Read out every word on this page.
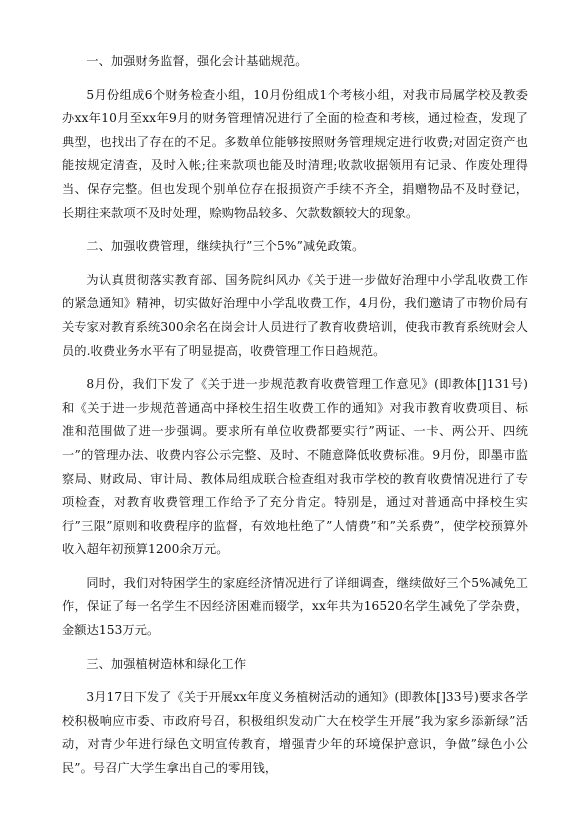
一、加强财务监督，强化会计基础规范。

5月份组成6个财务检查小组，10月份组成1个考核小组，对我市局属学校及教委办xx年10月至xx年9月的财务管理情况进行了全面的检查和考核，通过检查，发现了典型，也找出了存在的不足。多数单位能够按照财务管理规定进行收费;对固定资产也能按规定清查，及时入帐;往来款项也能及时清理;收款收据领用有记录、作废处理得当、保存完整。但也发现个别单位存在报损资产手续不齐全，捐赠物品不及时登记，长期往来款项不及时处理，赊购物品较多、欠款数额较大的现象。

二、加强收费管理，继续执行”三个5%”减免政策。

为认真贯彻落实教育部、国务院纠风办《关于进一步做好治理中小学乱收费工作的紧急通知》精神，切实做好治理中小学乱收费工作，4月份，我们邀请了市物价局有关专家对教育系统300余名在岗会计人员进行了教育收费培训，使我市教育系统财会人员的.收费业务水平有了明显提高，收费管理工作日趋规范。

8月份，我们下发了《关于进一步规范教育收费管理工作意见》(即教体[]131号)和《关于进一步规范普通高中择校生招生收费工作的通知》对我市教育收费项目、标准和范围做了进一步强调。要求所有单位收费都要实行”两证、一卡、两公开、四统一”的管理办法、收费内容公示完整、及时、不随意降低收费标准。9月份，即墨市监察局、财政局、审计局、教体局组成联合检查组对我市学校的教育收费情况进行了专项检查，对教育收费管理工作给予了充分肯定。特别是，通过对普通高中择校生实行”三限”原则和收费程序的监督，有效地杜绝了”人情费”和”关系费”，使学校预算外收入超年初预算1200余万元。

同时，我们对特困学生的家庭经济情况进行了详细调查，继续做好三个5%减免工作，保证了每一名学生不因经济困难而辍学，xx年共为16520名学生减免了学杂费，金额达153万元。

三、加强植树造林和绿化工作

3月17日下发了《关于开展xx年度义务植树活动的通知》(即教体[]33号)要求各学校积极响应市委、市政府号召，积极组织发动广大在校学生开展”我为家乡添新绿”活动，对青少年进行绿色文明宣传教育，增强青少年的环境保护意识，争做”绿色小公民”。号召广大学生拿出自己的零用钱，
